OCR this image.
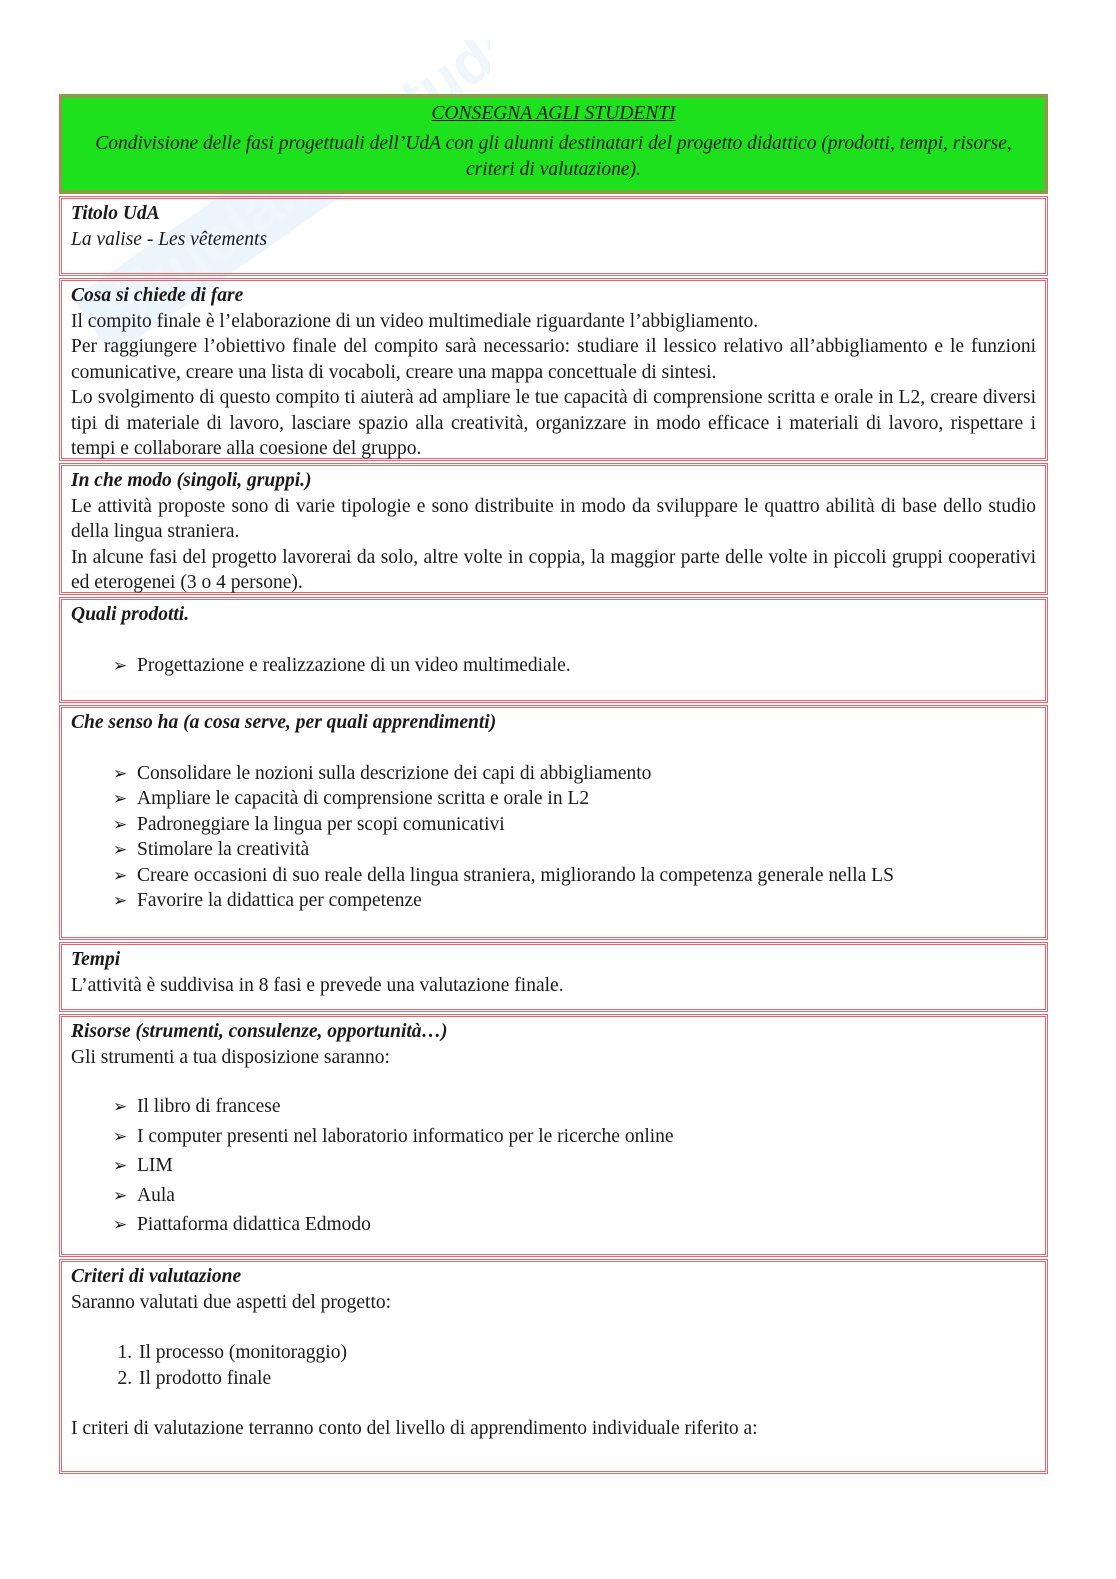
CONSEGNA AGLI STUDENTI
Condivisione delle fasi progettuali dell’UdA con gli alunni destinatari del progetto didattico (prodotti, tempi, risorse, criteri di valutazione).
Titolo UdA
La valise - Les vêtements
Cosa si chiede di fare

Il compito finale è l’elaborazione di un video multimediale riguardante l’abbigliamento.

Per raggiungere l’obiettivo finale del compito sarà necessario: studiare il lessico relativo all’abbigliamento e le funzioni comunicative, creare una lista di vocaboli, creare una mappa concettuale di sintesi.

Lo svolgimento di questo compito ti aiuterà ad ampliare le tue capacità di comprensione scritta e orale in L2, creare diversi tipi di materiale di lavoro, lasciare spazio alla creatività, organizzare in modo efficace i materiali di lavoro, rispettare i tempi e collaborare alla coesione del gruppo.

In che modo (singoli, gruppi.)

Le attività proposte sono di varie tipologie e sono distribuite in modo da sviluppare le quattro abilità di base dello studio della lingua straniera.

In alcune fasi del progetto lavorerai da solo, altre volte in coppia, la maggior parte delle volte in piccoli gruppi cooperativi ed eterogenei (3 o 4 persone).

Quali prodotti.
➢ Progettazione e realizzazione di un video multimediale.
Che senso ha (a cosa serve, per quali apprendimenti)
➢ Consolidare le nozioni sulla descrizione dei capi di abbigliamento
➢ Ampliare le capacità di comprensione scritta e orale in L2
➢ Padroneggiare la lingua per scopi comunicativi
➢ Stimolare la creatività
➢ Creare occasioni di suo reale della lingua straniera, migliorando la competenza generale nella LS
➢ Favorire la didattica per competenze
Tempi

L’attività è suddivisa in 8 fasi e prevede una valutazione finale.

Risorse (strumenti, consulenze, opportunità…)

Gli strumenti a tua disposizione saranno:

➢ Il libro di francese
➢ I computer presenti nel laboratorio informatico per le ricerche online
➢ LIM
➢ Aula
➢ Piattaforma didattica Edmodo
Criteri di valutazione

Saranno valutati due aspetti del progetto:

1. Il processo (monitoraggio)
2. Il prodotto finale

I criteri di valutazione terranno conto del livello di apprendimento individuale riferito a:
